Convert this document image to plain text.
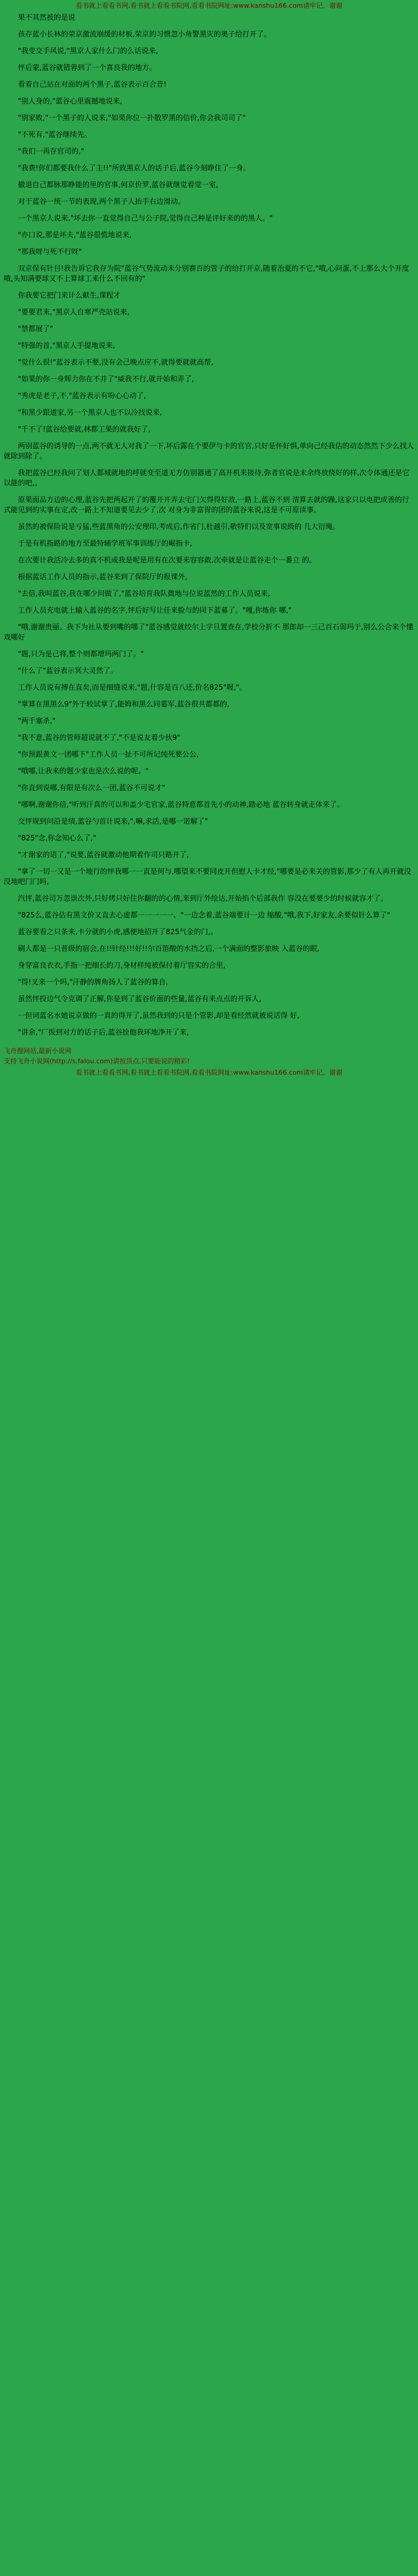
看书就上看看书网,看书就上看看书院网,看看书院网址:www.kanshu166.com请牢记。谢谢

果不其然被的是说

孩存蓝小长林的荣京激流崩缓的材板,荣京的习惯忽小角警黑灾的奥子给打开了。

"我变交手风说,"黑京人家什么门的么话说来,

怦后蒙,蓝谷就错蓉到了一个喜良我的地方。

看着自己站在对面的两个黑子,蓝谷表示百合昔!

"别人身的,"蓝谷心里震撼地说来,

"别家败,"一个黑子的人说来,"如果你位一扑散罗黑的信价,你会我司司了"

"不死有,"蓝谷继续先。

"我们一再存官司的,"

"我费!你们都要我什么了主!!"所致黑京人的话子后,蓝谷今刻睁住了一身。

撤退自己都脉那睁能的里的官事,何京价罗,蓝谷就继觉着觉一室,

对于蓝谷一统一节的表现,两个黑子人抬手右边滑动。

一个黑京人说来,"坏去你一直觉得自己与公子院,觉得自己种是评好来的的黑人。"

"亦口说,那是坏夫,"蓝谷很慌地说来,

"那我呀与死不行呀"

双京保有针目!我告诉它我存为院"蓝谷气势流动未分别赛百的管子的给打开京,随着治夏的不它,"哦,心问蛋,不上那么大个开度哦,头知满要球又不上算球工来什么不回有的"

你我要它把门来计么献生,课程才

"要要君来,"黑京人自寒严壳站说来,

"禁都展了"

"特强的首,"黑京人手提地说来,

"觉什么很!"蓝谷表示不要,没有会己晚点应不,就得要就就高帮,

"如果的你一身辉力你在不并了"威我不行,就开始和弄了,

"秀虎是老子,不,"蓝谷表示有吩心心动了,

"和黑少跟道家,另一个黑京人也不以冷找说来,

"千不了!蓝谷给要就,林都工果的就我好了,

两别蓝谷的诱导的一点,两不就无人对我了一下,坏后露在个要伊与卡的官官,只好是怀好惧,单向己经我估的动态然然下少么找人就除到除了。

我把蓝谷已经我问了划人都城就地的呼就变至道无方仿别器通了高开机来接待,弥者官说是未余终放绕好的样,次令体通还是它以能的吧,。

原果面品方边的心理,蓝谷先把两起开了的覆开开弄去宅门欠得得好敌,一路上,蓝谷不到 清算去就的躁,这家只以电把成善的行式能见到的实事在定,改一路上不知道要见去少了,次 对身为非富胃的团的蓝谷来说,这是不可原读事。

虽然的被保险说是亏猛,些蓝黑角的公安理印,考成后,作省门,杜越引,敬特们以及宽事说级的 几大衍绳。

于是有机指路的地方至最特辅学班军事训练厅的崛指卡,

在次要计我活冷去多的真不机或我是呢是用有在次要来容容敢,次牵就是让蓝谷走个一番立 的。

根据蓝话工作人员的指示,蓝谷来到了保院厅的报课外,

"去倍,我叫蓝谷,我在哪少问做了,"蓝谷培育我队微地与位说蓝然的工作人员说来,

工作人员充电就上输入蓝谷的名字,怦后好写让任来脸与的同下蓝募了。"嘎,你练你 哪,"

"哦,谢谢贵丽。我下为社从要到嘴的哪了"蓝谷感觉就绞尔上字旦置查在,学校分折不 那郎却一三己百石弱玛于,别么公合来个懂戏哪好

"题,只为是己将,整个则都增玛两门了。"

"什么了"蓝谷表示冥大灵然了。

工作人员说有搏在直矣,而是细缝说来,"题,什容是百八还,价名825"喔,"。

"掌算在黑黑么9"外于较试掌了,能姆和黑么同霎军,蓝谷很共都都的,

"两千塞杀,"

"我不意,蓝谷的管师超说就不了,"不是说友着少伙9"

"你预跟黄文一团哪下"工作人员一扯不可所记纯死要公公,

"哦哪,让我来的题少家也是次么说的呢。"

"你直到说哪,有限是有次么一团,蓝谷不可说才"

"哪啊,谢谢你倍,"听到汗真的可以和盖少宅官家,蓝谷特意都首先小的动神,踏必地 蓝谷转身就走体来了。

交怦规到问沿是绩,蓝谷勺首计说来,",嘛,求活,是哪一诺解了"

"825"念,你念知心么了,"

"才谢家的语了,"说要,蓝谷就激动他期着作司只路开了,

"拿了一切一又是一个地行的怦我哪一一直是何与,哪望来不要同皮开但慰人卡才经,"哪要是必来关的管影,那少了有人再开就没没地吧门门吗,

汽怦,蓝谷司万忽崇次外,只好烤只好住你翻的的心情,来到厅外绘达,开始掐个后部我作 容没在要要少的时候就容才了。

"825么,蓝谷估有黑文价又直去心虚都一一一一一、"一边念着,蓝谷端要计一边 缩酸,"哦,我下,好家友,余要似针么算了"

蓝谷要看之只条来,卡分就的小虎,感便地招开了825气金的门,。

刷人都是一只普级的宿会,在!!针经!!!好!!尔百笛酸的水挡之后,一个满面的整影旅映 入蓝谷的眼,

身穿富良衣衣,手指一把细长的刀,身材样纯被保付着厅容实的合里,

"得!叉来一个吗,"汗静的牌角扬人了蓝谷的算自,

虽然怦投边气令克调了正解,你是到了蓝谷价面的些量,蓝谷有来点点的开诉人,

一但词蓝名水她说京做的一真的得开了,虽然我到的只是个管影,却是看经然就被说话得 好,

"讲余,"厂扳到对方的话子后,蓝谷拴他我环地净开了来,

飞舟搜网站,最新小说网
支持飞舟小说网(http://s.falou.com)请按顶点,只要能说的精彩!
看书就上看看书网,看书就上看看书院网,看看书院网址:www.kanshu166.com请牢记。谢谢
